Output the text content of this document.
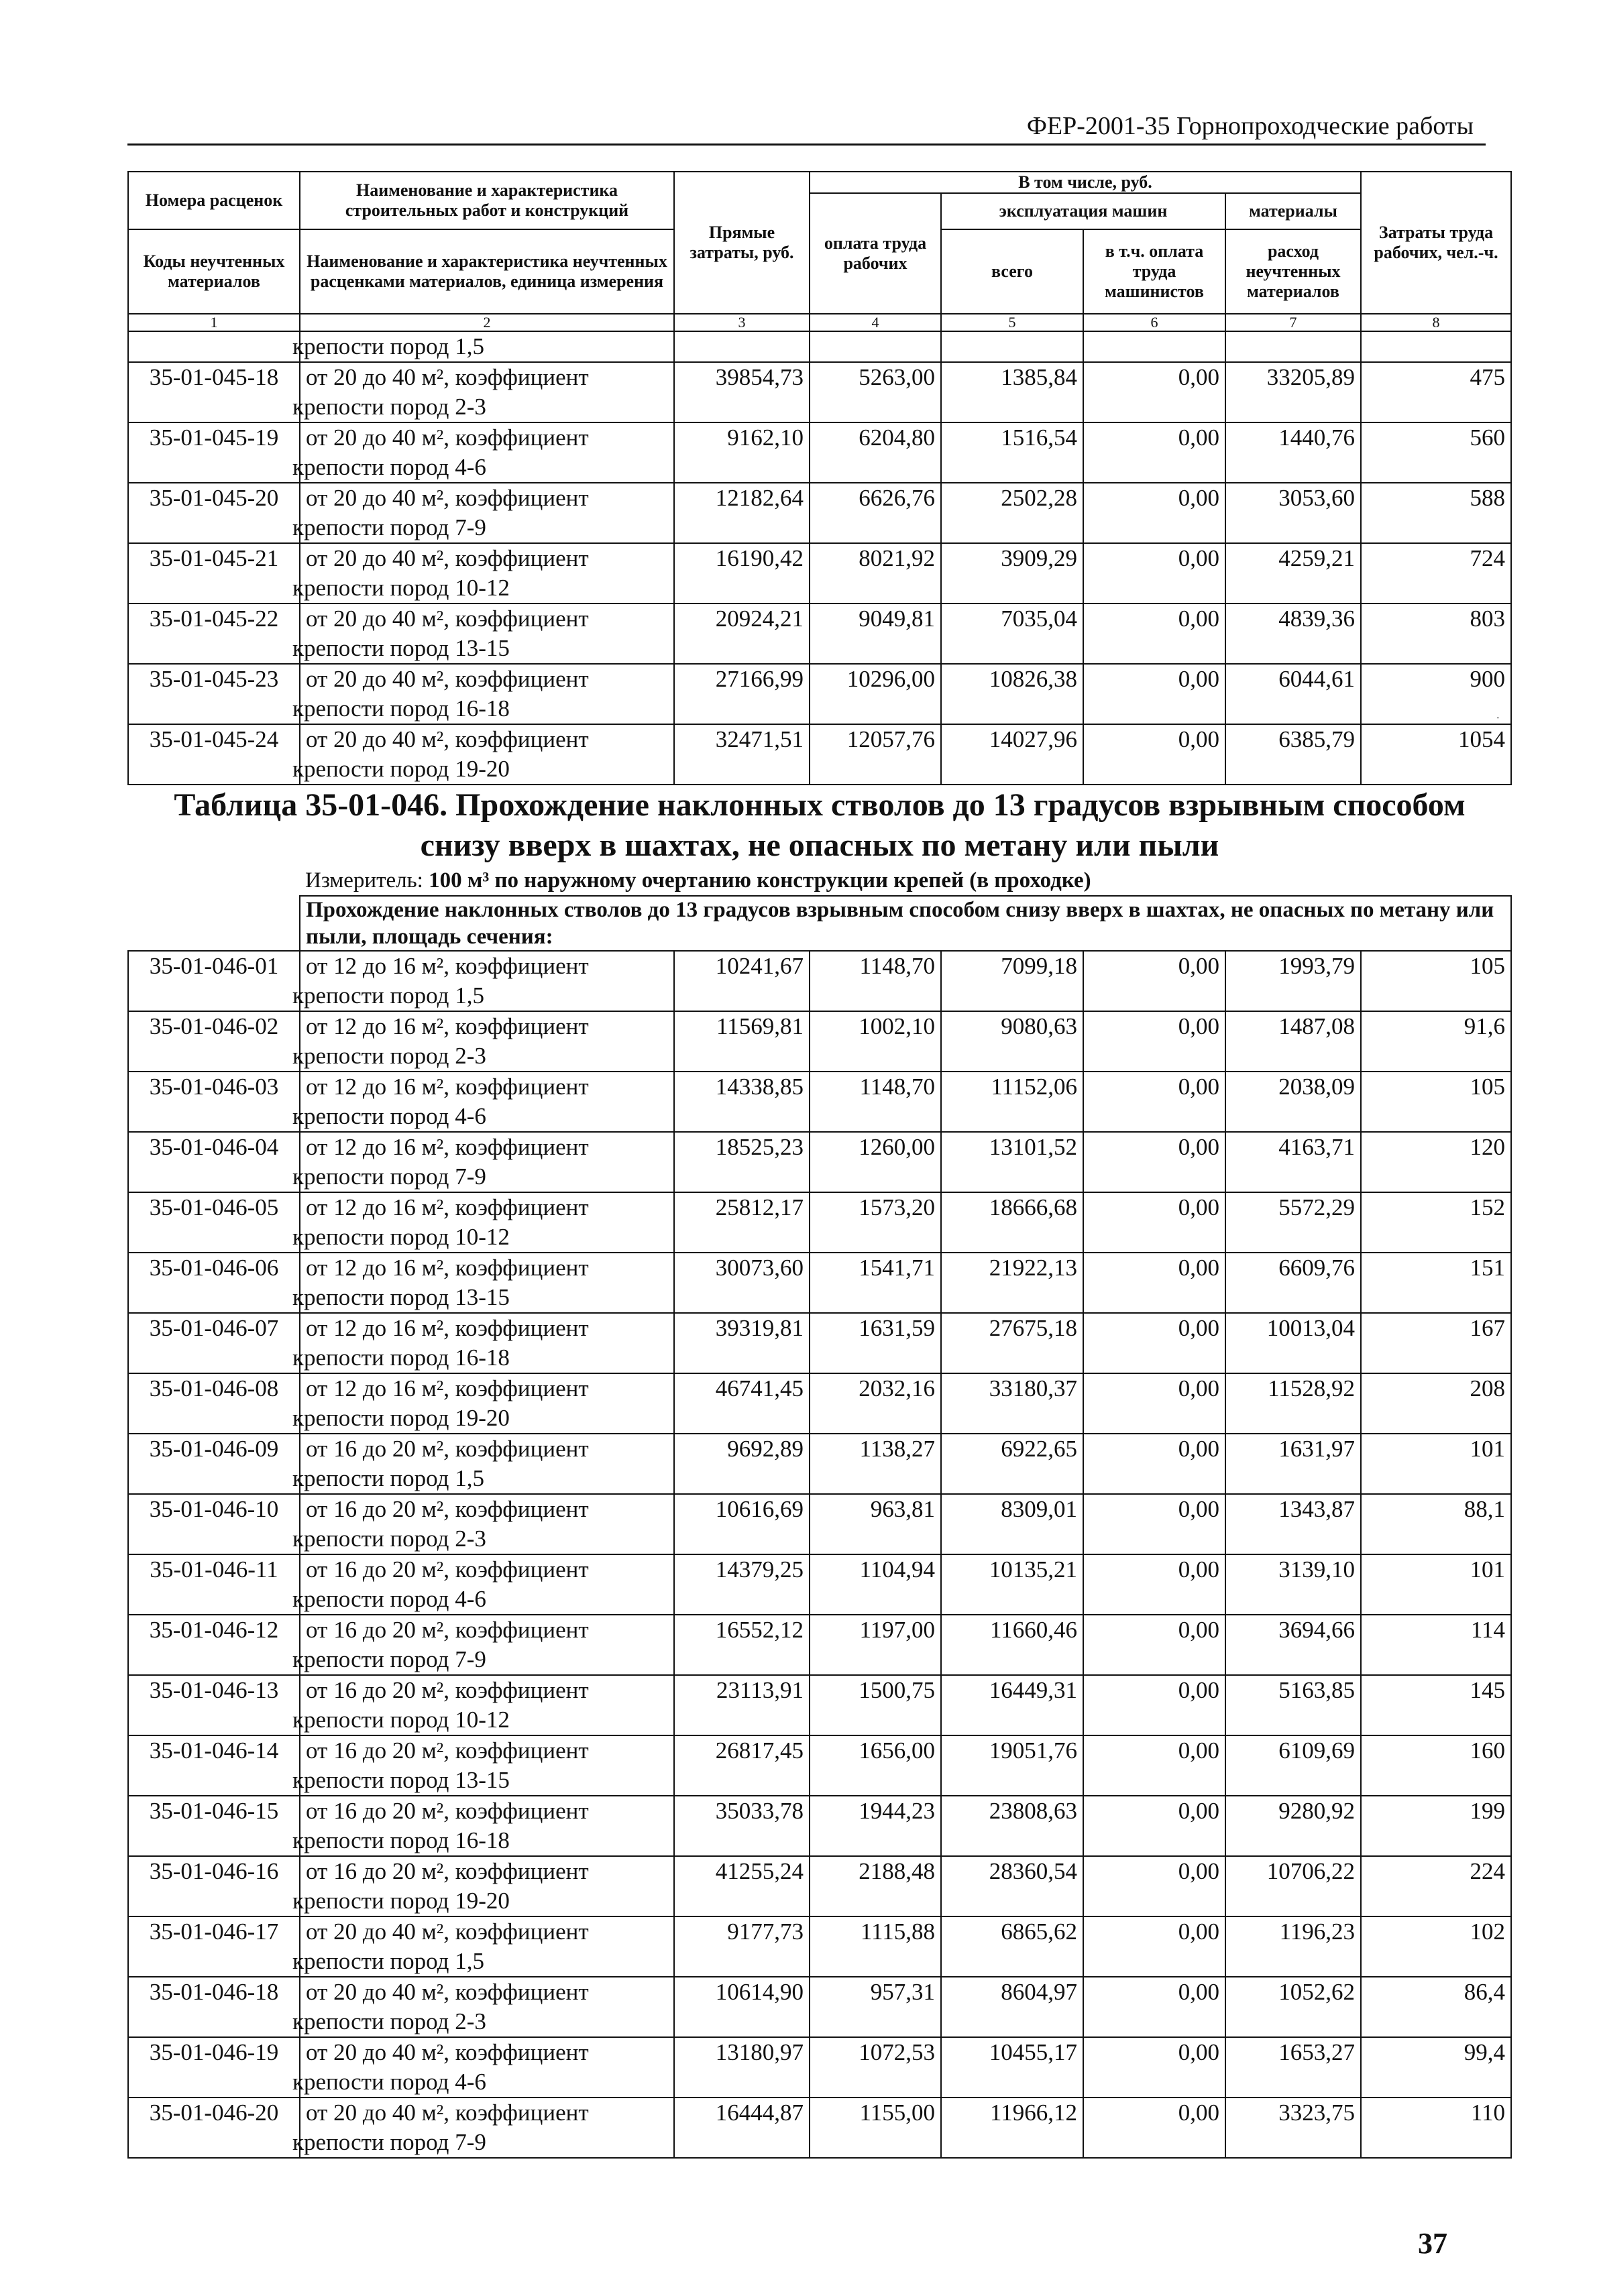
ФЕР-2001-35 Горнопроходческие работы
Номера расценок	Наименование и характеристика строительных работ и конструкций	Прямые затраты, руб.	В том числе, руб.				Затраты труда рабочих, чел.-ч.
			оплата труда рабочих	эксплуатация машин		материалы	
Коды неучтенных материалов	Наименование и характеристика неучтенных расценками материалов, единица измерения			всего	в т.ч. оплата труда машинистов	расход неучтенных материалов	

1	2	3	4	5	6	7	8

	крепости пород 1,5						

35-01-045-18	от 20 до 40 м², коэффициент
крепости пород 2-3	39854,73	5263,00	1385,84	0,00	33205,89	475
35-01-045-19	от 20 до 40 м², коэффициент
крепости пород 4-6	9162,10	6204,80	1516,54	0,00	1440,76	560
35-01-045-20	от 20 до 40 м², коэффициент
крепости пород 7-9	12182,64	6626,76	2502,28	0,00	3053,60	588
35-01-045-21	от 20 до 40 м², коэффициент
крепости пород 10-12	16190,42	8021,92	3909,29	0,00	4259,21	724
35-01-045-22	от 20 до 40 м², коэффициент
крепости пород 13-15	20924,21	9049,81	7035,04	0,00	4839,36	803
35-01-045-23	от 20 до 40 м², коэффициент
крепости пород 16-18	27166,99	10296,00	10826,38	0,00	6044,61	900
35-01-045-24	от 20 до 40 м², коэффициент
крепости пород 19-20	32471,51	12057,76	14027,96	0,00	6385,79	1054

Таблица 35-01-046. Прохождение наклонных стволов до 13 градусов взрывным способом
снизу вверх в шахтах, не опасных по метану или пыли							

	Измеритель: 100 м³ по наружному очертанию конструкции крепей (в проходке)						
	Прохождение наклонных стволов до 13 градусов взрывным способом снизу вверх в шахтах, не опасных по метану или пыли, площадь сечения:						
35-01-046-01	от 12 до 16 м², коэффициент
крепости пород 1,5	10241,67	1148,70	7099,18	0,00	1993,79	105
35-01-046-02	от 12 до 16 м², коэффициент
крепости пород 2-3	11569,81	1002,10	9080,63	0,00	1487,08	91,6
35-01-046-03	от 12 до 16 м², коэффициент
крепости пород 4-6	14338,85	1148,70	11152,06	0,00	2038,09	105
35-01-046-04	от 12 до 16 м², коэффициент
крепости пород 7-9	18525,23	1260,00	13101,52	0,00	4163,71	120
35-01-046-05	от 12 до 16 м², коэффициент
крепости пород 10-12	25812,17	1573,20	18666,68	0,00	5572,29	152
35-01-046-06	от 12 до 16 м², коэффициент
крепости пород 13-15	30073,60	1541,71	21922,13	0,00	6609,76	151
35-01-046-07	от 12 до 16 м², коэффициент
крепости пород 16-18	39319,81	1631,59	27675,18	0,00	10013,04	167
35-01-046-08	от 12 до 16 м², коэффициент
крепости пород 19-20	46741,45	2032,16	33180,37	0,00	11528,92	208
35-01-046-09	от 16 до 20 м², коэффициент
крепости пород 1,5	9692,89	1138,27	6922,65	0,00	1631,97	101
35-01-046-10	от 16 до 20 м², коэффициент
крепости пород 2-3	10616,69	963,81	8309,01	0,00	1343,87	88,1
35-01-046-11	от 16 до 20 м², коэффициент
крепости пород 4-6	14379,25	1104,94	10135,21	0,00	3139,10	101
35-01-046-12	от 16 до 20 м², коэффициент
крепости пород 7-9	16552,12	1197,00	11660,46	0,00	3694,66	114
35-01-046-13	от 16 до 20 м², коэффициент
крепости пород 10-12	23113,91	1500,75	16449,31	0,00	5163,85	145
35-01-046-14	от 16 до 20 м², коэффициент
крепости пород 13-15	26817,45	1656,00	19051,76	0,00	6109,69	160
35-01-046-15	от 16 до 20 м², коэффициент
крепости пород 16-18	35033,78	1944,23	23808,63	0,00	9280,92	199
35-01-046-16	от 16 до 20 м², коэффициент
крепости пород 19-20	41255,24	2188,48	28360,54	0,00	10706,22	224
35-01-046-17	от 20 до 40 м², коэффициент
крепости пород 1,5	9177,73	1115,88	6865,62	0,00	1196,23	102
35-01-046-18	от 20 до 40 м², коэффициент
крепости пород 2-3	10614,90	957,31	8604,97	0,00	1052,62	86,4
35-01-046-19	от 20 до 40 м², коэффициент
крепости пород 4-6	13180,97	1072,53	10455,17	0,00	1653,27	99,4
35-01-046-20	от 20 до 40 м², коэффициент
крепости пород 7-9	16444,87	1155,00	11966,12	0,00	3323,75	110

37
·
